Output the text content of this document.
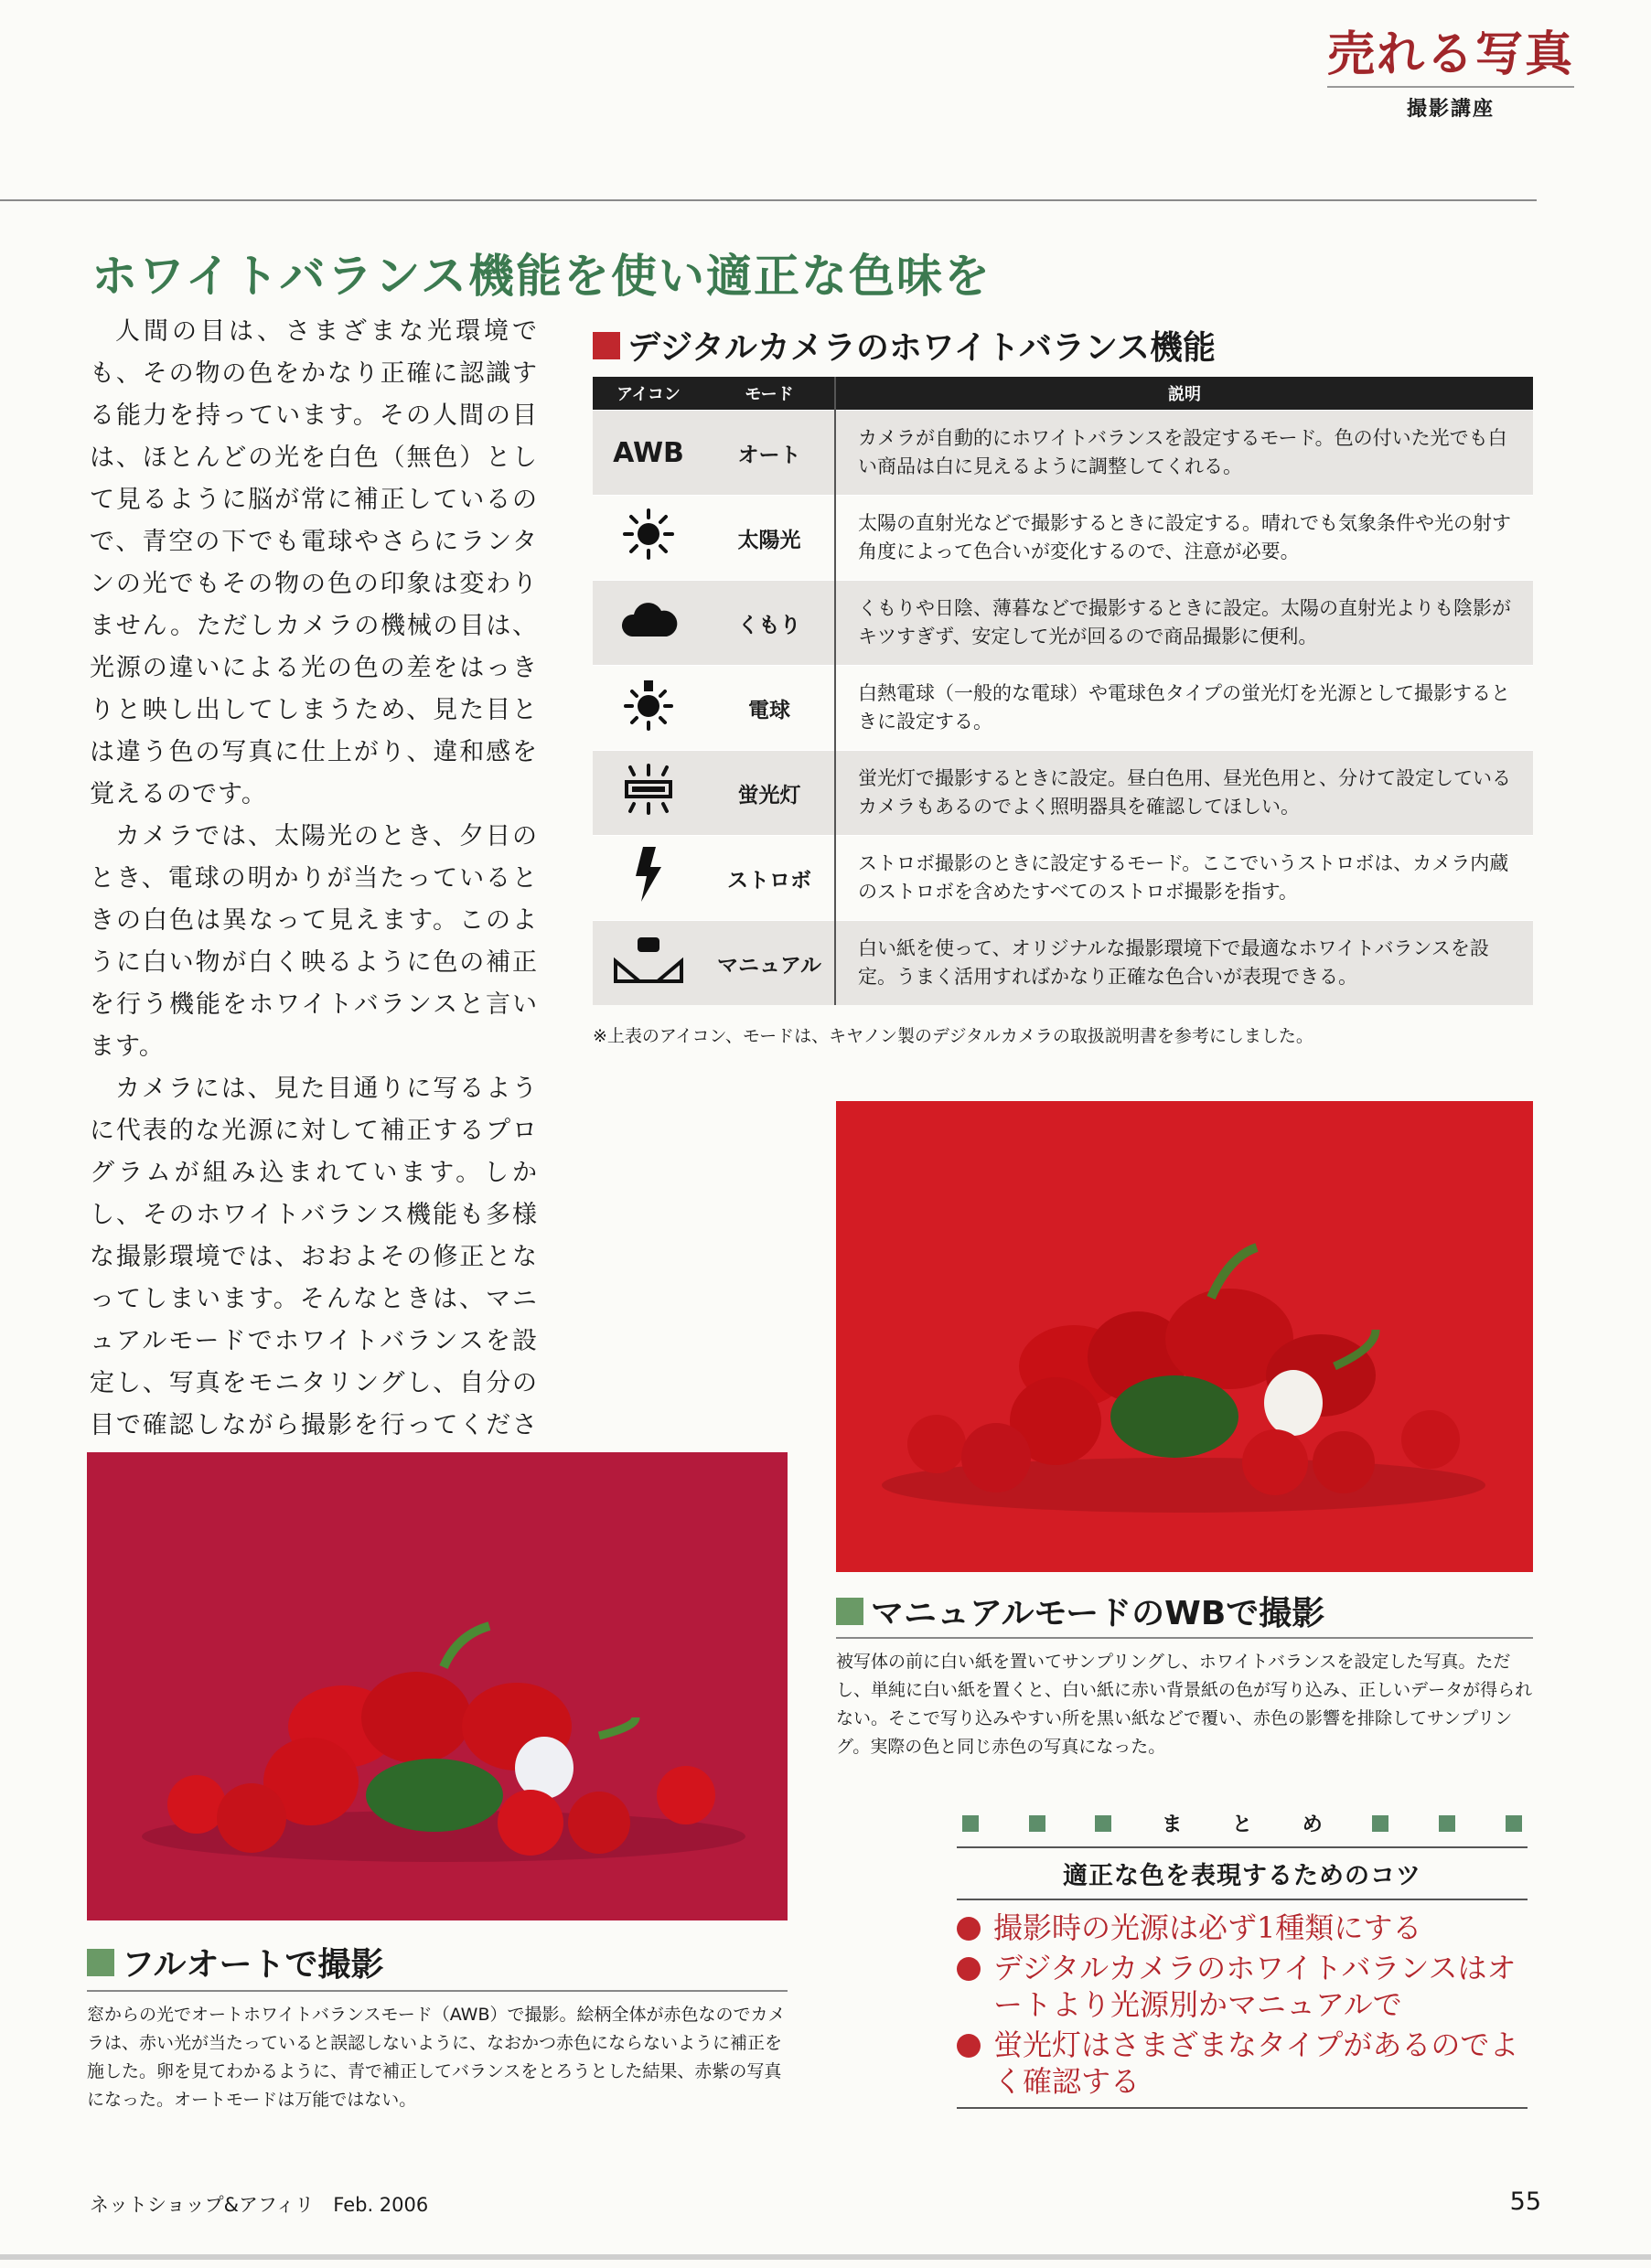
売れる写真
撮影講座
ホワイトバランス機能を使い適正な色味を

人間の目は、さまざまな光環境でも、その物の色をかなり正確に認識する能力を持っています。その人間の目は、ほとんどの光を白色（無色）として見るように脳が常に補正しているので、青空の下でも電球やさらにランタンの光でもその物の色の印象は変わりません。ただしカメラの機械の目は、光源の違いによる光の色の差をはっきりと映し出してしまうため、見た目とは違う色の写真に仕上がり、違和感を覚えるのです。

カメラでは、太陽光のとき、夕日のとき、電球の明かりが当たっているときの白色は異なって見えます。このように白い物が白く映るように色の補正を行う機能をホワイトバランスと言います。

カメラには、見た目通りに写るように代表的な光源に対して補正するプログラムが組み込まれています。しかし、そのホワイトバランス機能も多様な撮影環境では、おおよその修正となってしまいます。そんなときは、マニュアルモードでホワイトバランスを設定し、写真をモニタリングし、自分の目で確認しながら撮影を行ってくださ

デジタルカメラのホワイトバランス機能
アイコン	モード	説明
AWB	オート	カメラが自動的にホワイトバランスを設定するモード。色の付いた光でも白い商品は白に見えるように調整してくれる。
	太陽光	太陽の直射光などで撮影するときに設定する。晴れでも気象条件や光の射す角度によって色合いが変化するので、注意が必要。
	くもり	くもりや日陰、薄暮などで撮影するときに設定。太陽の直射光よりも陰影がキツすぎず、安定して光が回るので商品撮影に便利。
	電球	白熱電球（一般的な電球）や電球色タイプの蛍光灯を光源として撮影するときに設定する。
	蛍光灯	蛍光灯で撮影するときに設定。昼白色用、昼光色用と、分けて設定しているカメラもあるのでよく照明器具を確認してほしい。
	ストロボ	ストロボ撮影のときに設定するモード。ここでいうストロボは、カメラ内蔵のストロボを含めたすべてのストロボ撮影を指す。
	マニュアル	白い紙を使って、オリジナルな撮影環境下で最適なホワイトバランスを設定。うまく活用すればかなり正確な色合いが表現できる。
※上表のアイコン、モードは、キヤノン製のデジタルカメラの取扱説明書を参考にしました。
マニュアルモードのWBで撮影
被写体の前に白い紙を置いてサンプリングし、ホワイトバランスを設定した写真。ただし、単純に白い紙を置くと、白い紙に赤い背景紙の色が写り込み、正しいデータが得られない。そこで写り込みやすい所を黒い紙などで覆い、赤色の影響を排除してサンプリング。実際の色と同じ赤色の写真になった。
フルオートで撮影
窓からの光でオートホワイトバランスモード（AWB）で撮影。絵柄全体が赤色なのでカメラは、赤い光が当たっていると誤認しないように、なおかつ赤色にならないように補正を施した。卵を見てわかるように、青で補正してバランスをとろうとした結果、赤紫の写真になった。オートモードは万能ではない。
ま と め
適正な色を表現するためのコツ
撮影時の光源は必ず1種類にする
デジタルカメラのホワイトバランスはオートより光源別かマニュアルで
蛍光灯はさまざまなタイプがあるのでよく確認する
ネットショップ&アフィリ　Feb. 2006	55
